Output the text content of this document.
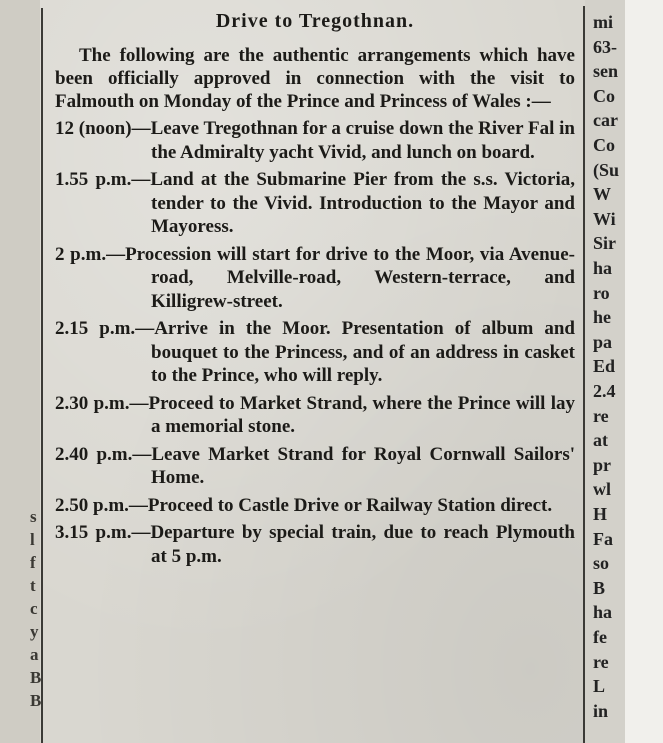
s
l
f
t
c
y
a
B
B
Drive to Tregothnan.

The following are the authentic arrangements which have been officially approved in connection with the visit to Falmouth on Monday of the Prince and Princess of Wales :—

12 (noon)—Leave Tregothnan for a cruise down the River Fal in the Admiralty yacht Vivid, and lunch on board.

1.55 p.m.—Land at the Submarine Pier from the s.s. Victoria, tender to the Vivid. Introduction to the Mayor and Mayoress.

2 p.m.—Procession will start for drive to the Moor, via Avenue-road, Melville-road, Western-terrace, and Killigrew-street.

2.15 p.m.—Arrive in the Moor. Presentation of album and bouquet to the Princess, and of an address in casket to the Prince, who will reply.

2.30 p.m.—Proceed to Market Strand, where the Prince will lay a memorial stone.

2.40 p.m.—Leave Market Strand for Royal Cornwall Sailors' Home.

2.50 p.m.—Proceed to Castle Drive or Railway Station direct.

3.15 p.m.—Departure by special train, due to reach Plymouth at 5 p.m.

mi
63-
sen
Co
car
Co
(Su
W
Wi
Sir
ha
ro
he
pa
Ed
2.4
re
at
pr
wl
H
Fa
so
B
ha
fe
re
L
in
